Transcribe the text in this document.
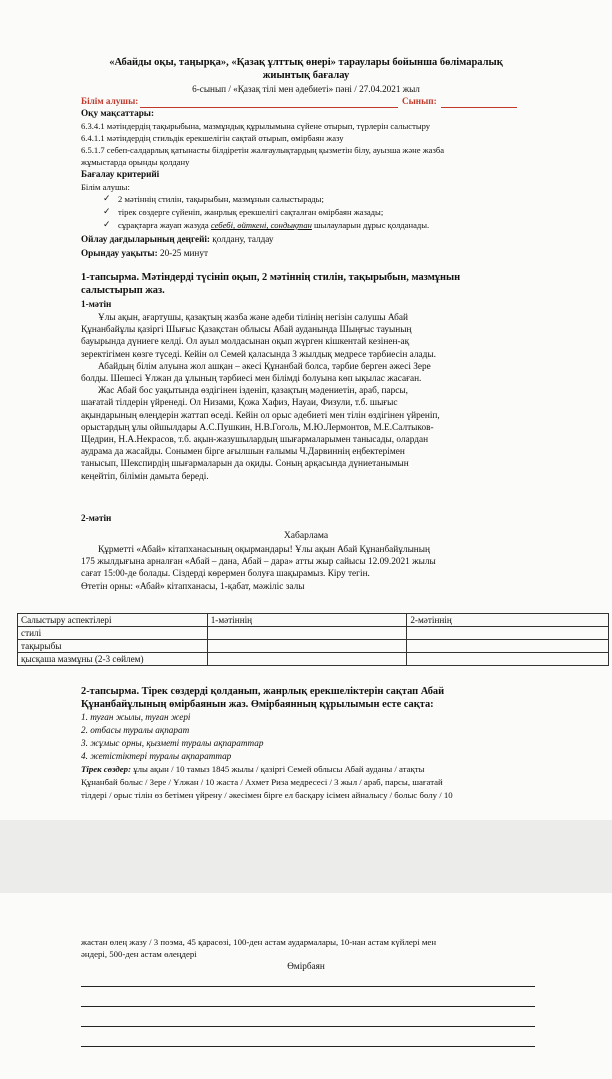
«Абайды оқы, таңырқа», «Қазақ ұлттық өнері» тараулары бойынша бөлімаралық
жиынтық бағалау
6-сынып / «Қазақ тілі мен әдебиеті» пәні / 27.04.2021 жыл
Білім алушы:	Сынып:
Оқу мақсаттары:
6.3.4.1 мәтіндердің тақырыбына, мазмұндық құрылымына сүйене отырып, түрлерін салыстыру
6.4.1.1 мәтіндердің стильдік ерекшелігін сақтай отырып, өмірбаян жазу
6.5.1.7 себеп-салдарлық қатынасты білдіретін жалғаулықтардың қызметін білу, ауызша және жазба
жұмыстарда орынды қолдану
Бағалау критерийі
Білім алушы:
✓ 2 мәтіннің стилін, тақырыбын, мазмұнын салыстырады;
✓ тірек сөздерге сүйеніп, жанрлық ерекшелігі сақталған өмірбаян жазады;
✓ сұрақтарға жауап жазуда себебі, өйткені, сондықтан шылауларын дұрыс қолданады.
Ойлау дағдыларының деңгейі: қолдану, талдау
Орындау уақыты: 20-25 минут
1-тапсырма. Мәтіндерді түсініп оқып, 2 мәтіннің стилін, тақырыбын, мазмұнын
салыстырып жаз.
1-мәтін
Ұлы ақын, ағартушы, қазақтың жазба және әдеби тілінің негізін салушы Абай
Құнанбайұлы қазіргі Шығыс Қазақстан облысы Абай ауданында Шыңғыс тауының
бауырында дүниеге келді. Ол ауыл молдасынан оқып жүрген кішкентай кезінен-ақ
зеректігімен көзге түседі. Кейін ол Семей қаласында 3 жылдық медресе тәрбиесін алады.
Абайдың білім алуына жол ашқан – әкесі Құнанбай болса, тәрбие берген әжесі Зере
болды. Шешесі Ұлжан да ұлының тәрбиесі мен білімді болуына көп ықылас жасаған.
Жас Абай бос уақытында өздігінен ізденіп, қазақтың мәдениетін, араб, парсы,
шағатай тілдерін үйренеді. Ол Низами, Қожа Хафиз, Науаи, Физули, т.б. шығыс
ақындарының өлеңдерін жаттап өседі. Кейін ол орыс әдебиеті мен тілін өздігінен үйреніп,
орыстардың ұлы ойшылдары А.С.Пушкин, Н.В.Гоголь, М.Ю.Лермонтов, М.Е.Салтыков-
Щедрин, Н.А.Некрасов, т.б. ақын-жазушылардың шығармаларымен танысады, олардан
аудрама да жасайды. Сонымен бірге ағылшын ғалымы Ч.Дарвиннің еңбектерімен
танысып, Шекспирдің шығармаларын да оқиды. Соның арқасында дүниетанымын
кеңейтіп, білімін дамыта береді.
2-мәтін
Хабарлама
Құрметті «Абай» кітапханасының оқырмандары! Ұлы ақын Абай Құнанбайұлының
175 жылдығына арналған «Абай – дана, Абай – дара» атты жыр сайысы 12.09.2021 жылы
сағат 15:00-де болады. Сіздерді көрермен болуға шақырамыз. Кіру тегін.
Өтетін орны: «Абай» кітапханасы, 1-қабат, мәжіліс залы
Салыстыру аспектілері	1-мәтіннің	2-мәтіннің
стилі		
тақырыбы		
қысқаша мазмұны (2-3 сөйлем)		
2-тапсырма. Тірек сөздерді қолданып, жанрлық ерекшеліктерін сақтап Абай
Құнанбайұлының өмірбаянын жаз. Өмірбаянның құрылымын есте сақта:
1. туған жылы, туған жері
2. отбасы туралы ақпарат
3. жұмыс орны, қызметі туралы ақпараттар
4. жетістіктері туралы ақпараттар
Тірек сөздер: ұлы ақын / 10 тамыз 1845 жылы / қазіргі Семей облысы Абай ауданы / атақты
Құнанбай болыс / Зере / Ұлжан / 10 жаста / Ахмет Риза медресесі / 3 жыл / араб, парсы, шағатай
тілдері / орыс тілін өз бетімен үйрену / әкесімен бірге ел басқару ісімен айналысу / болыс болу / 10
жастан өлең жазу / 3 поэма, 45 қарасөзі, 100-ден астам аудармалары, 10-нан астам күйлері мен
әндері, 500-ден астам өлеңдері
Өмірбаян
